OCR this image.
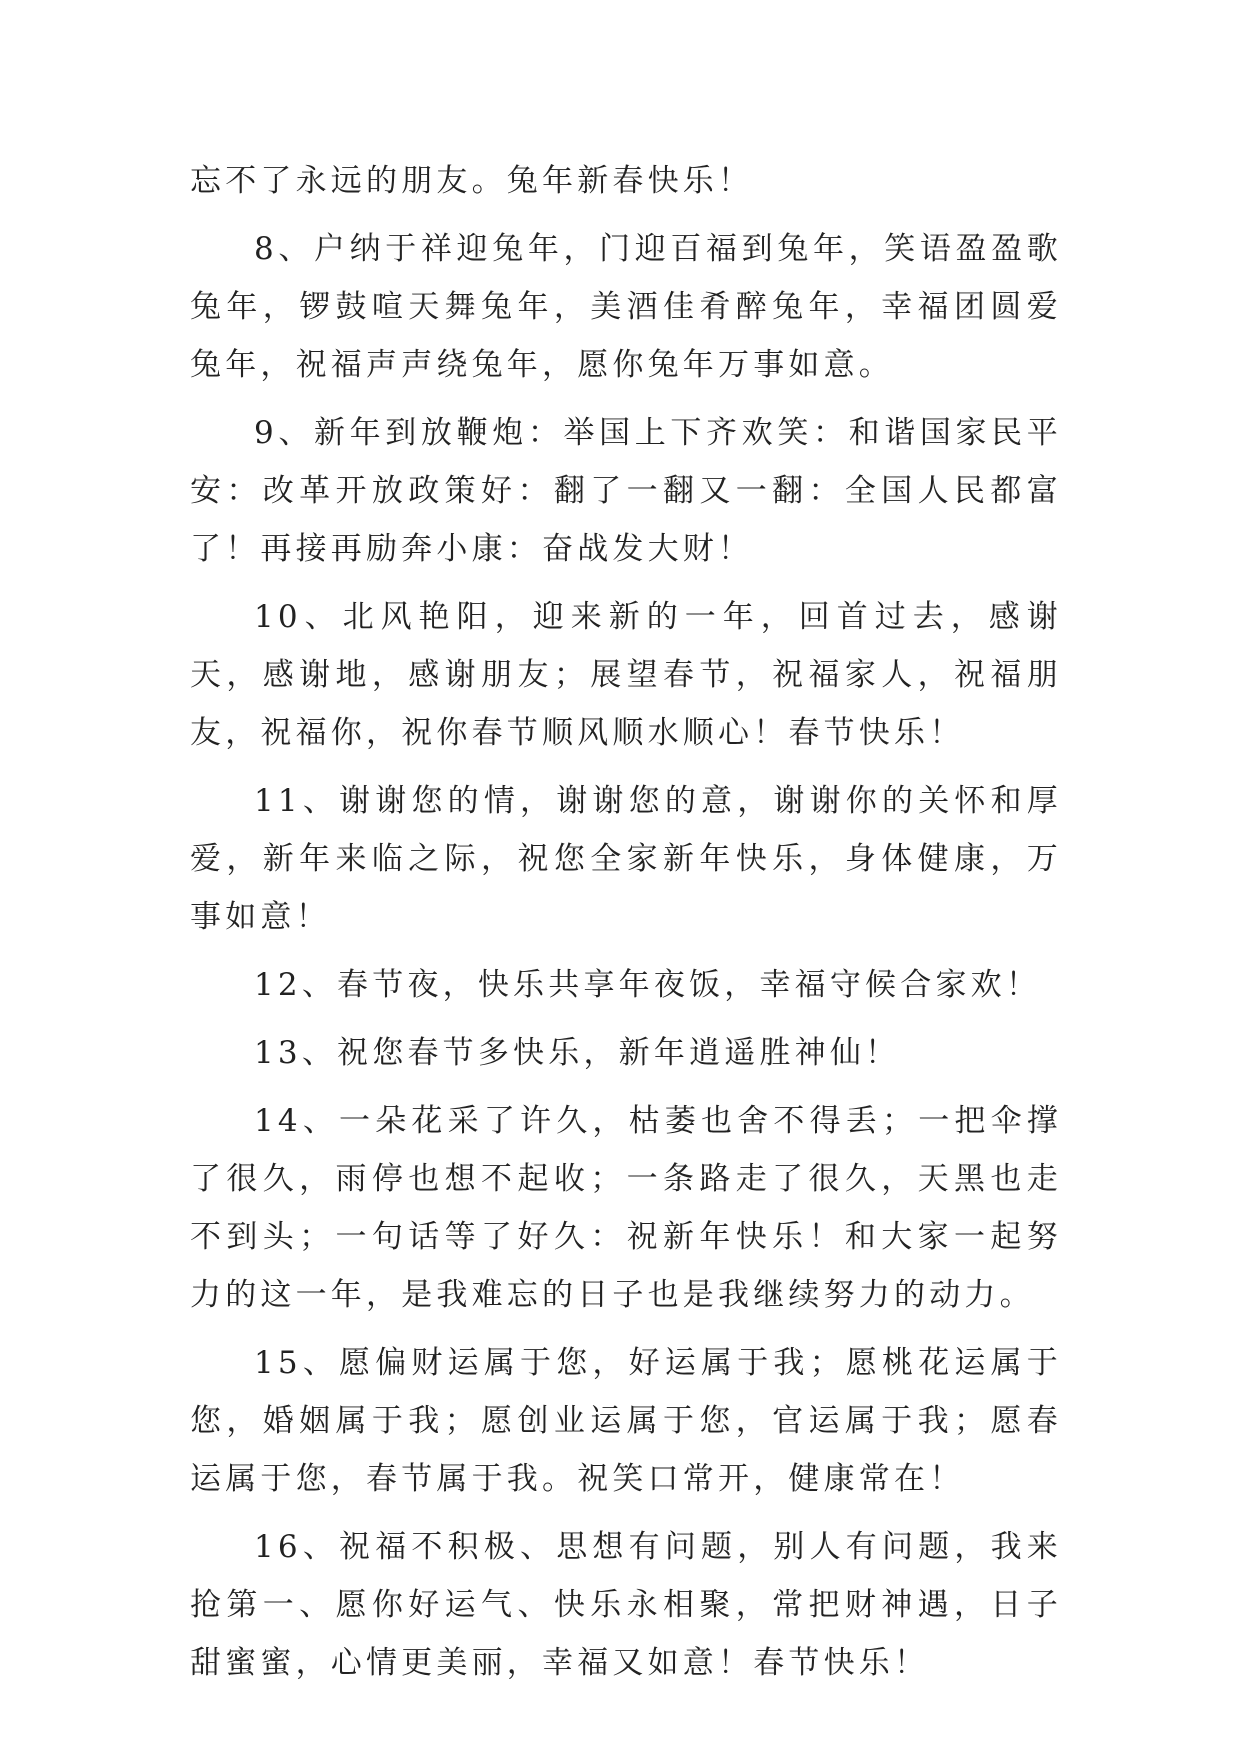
忘不了永远的朋友。兔年新春快乐！

8、户纳于祥迎兔年，门迎百福到兔年，笑语盈盈歌兔年，锣鼓喧天舞兔年，美酒佳肴醉兔年，幸福团圆爱兔年，祝福声声绕兔年，愿你兔年万事如意。

9、新年到放鞭炮：举国上下齐欢笑：和谐国家民平安：改革开放政策好：翻了一翻又一翻：全国人民都富了！再接再励奔小康：奋战发大财！

10、北风艳阳，迎来新的一年，回首过去，感谢天，感谢地，感谢朋友；展望春节，祝福家人，祝福朋友，祝福你，祝你春节顺风顺水顺心！春节快乐！

11、谢谢您的情，谢谢您的意，谢谢你的关怀和厚爱，新年来临之际，祝您全家新年快乐，身体健康，万事如意！

12、春节夜，快乐共享年夜饭，幸福守候合家欢！

13、祝您春节多快乐，新年逍遥胜神仙！

14、一朵花采了许久，枯萎也舍不得丢；一把伞撑了很久，雨停也想不起收；一条路走了很久，天黑也走不到头；一句话等了好久：祝新年快乐！和大家一起努力的这一年，是我难忘的日子也是我继续努力的动力。

15、愿偏财运属于您，好运属于我；愿桃花运属于您，婚姻属于我；愿创业运属于您，官运属于我；愿春运属于您，春节属于我。祝笑口常开，健康常在！

16、祝福不积极、思想有问题，别人有问题，我来抢第一、愿你好运气、快乐永相聚，常把财神遇，日子甜蜜蜜，心情更美丽，幸福又如意！春节快乐！
